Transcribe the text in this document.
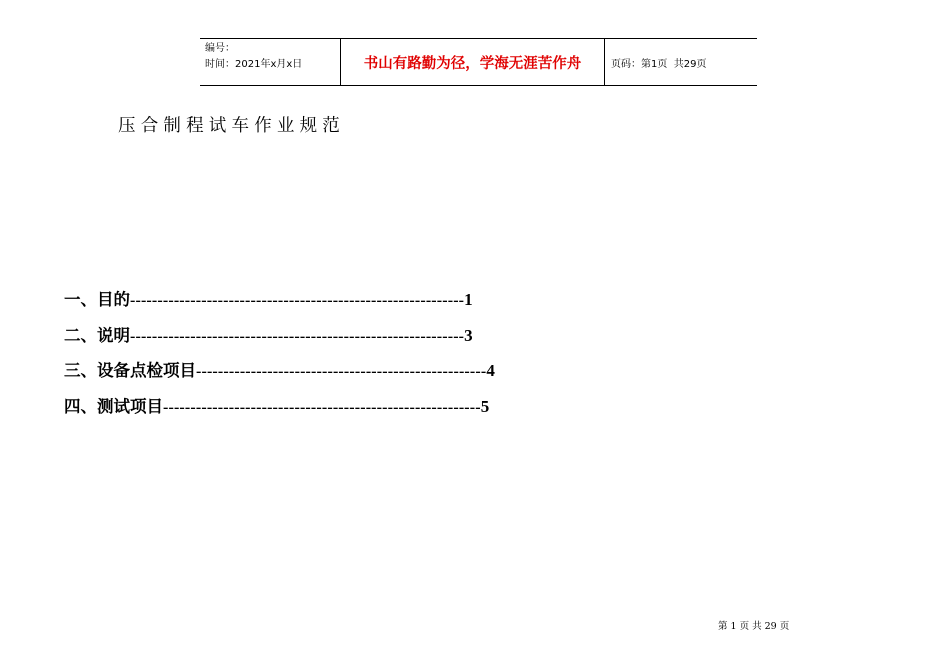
编号：
时间：2021年x月x日	书山有路勤为径，学海无涯苦作舟	页码：第1页  共29页
压合制程试车作业规范
一、目的-------------------------------------------------------------1
二、说明-------------------------------------------------------------3
三、设备点检项目-----------------------------------------------------4
四、测试项目----------------------------------------------------------5
第 1 页 共 29 页
